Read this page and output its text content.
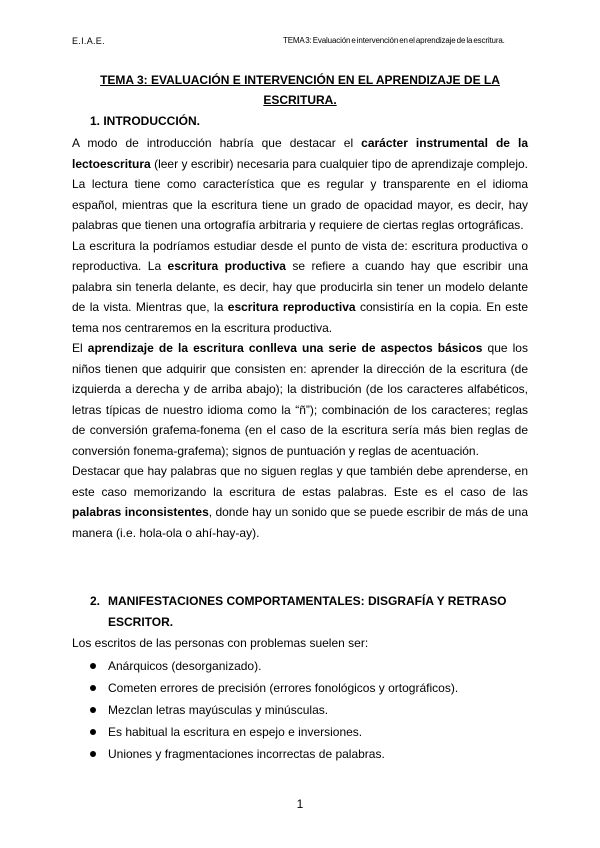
E.I.A.E.	TEMA 3: Evaluación e intervención en el aprendizaje de la escritura.
TEMA 3: EVALUACIÓN E INTERVENCIÓN EN EL APRENDIZAJE DE LA
ESCRITURA.
1. INTRODUCCIÓN.

A modo de introducción habría que destacar el carácter instrumental de la lectoescritura (leer y escribir) necesaria para cualquier tipo de aprendizaje complejo. La lectura tiene como característica que es regular y transparente en el idioma español, mientras que la escritura tiene un grado de opacidad mayor, es decir, hay palabras que tienen una ortografía arbitraria y requiere de ciertas reglas ortográficas.

La escritura la podríamos estudiar desde el punto de vista de: escritura productiva o reproductiva. La escritura productiva se refiere a cuando hay que escribir una palabra sin tenerla delante, es decir, hay que producirla sin tener un modelo delante de la vista. Mientras que, la escritura reproductiva consistiría en la copia. En este tema nos centraremos en la escritura productiva.

El aprendizaje de la escritura conlleva una serie de aspectos básicos que los niños tienen que adquirir que consisten en: aprender la dirección de la escritura (de izquierda a derecha y de arriba abajo); la distribución (de los caracteres alfabéticos, letras típicas de nuestro idioma como la “ñ”); combinación de los caracteres; reglas de conversión grafema-fonema (en el caso de la escritura sería más bien reglas de conversión fonema-grafema); signos de puntuación y reglas de acentuación.

Destacar que hay palabras que no siguen reglas y que también debe aprenderse, en este caso memorizando la escritura de estas palabras. Este es el caso de las palabras inconsistentes, donde hay un sonido que se puede escribir de más de una manera (i.e. hola-ola o ahí-hay-ay).

2. MANIFESTACIONES COMPORTAMENTALES: DISGRAFÍA Y RETRASO
ESCRITOR.
Los escritos de las personas con problemas suelen ser:
Anárquicos (desorganizado).
Cometen errores de precisión (errores fonológicos y ortográficos).
Mezclan letras mayúsculas y minúsculas.
Es habitual la escritura en espejo e inversiones.
Uniones y fragmentaciones incorrectas de palabras.
1
